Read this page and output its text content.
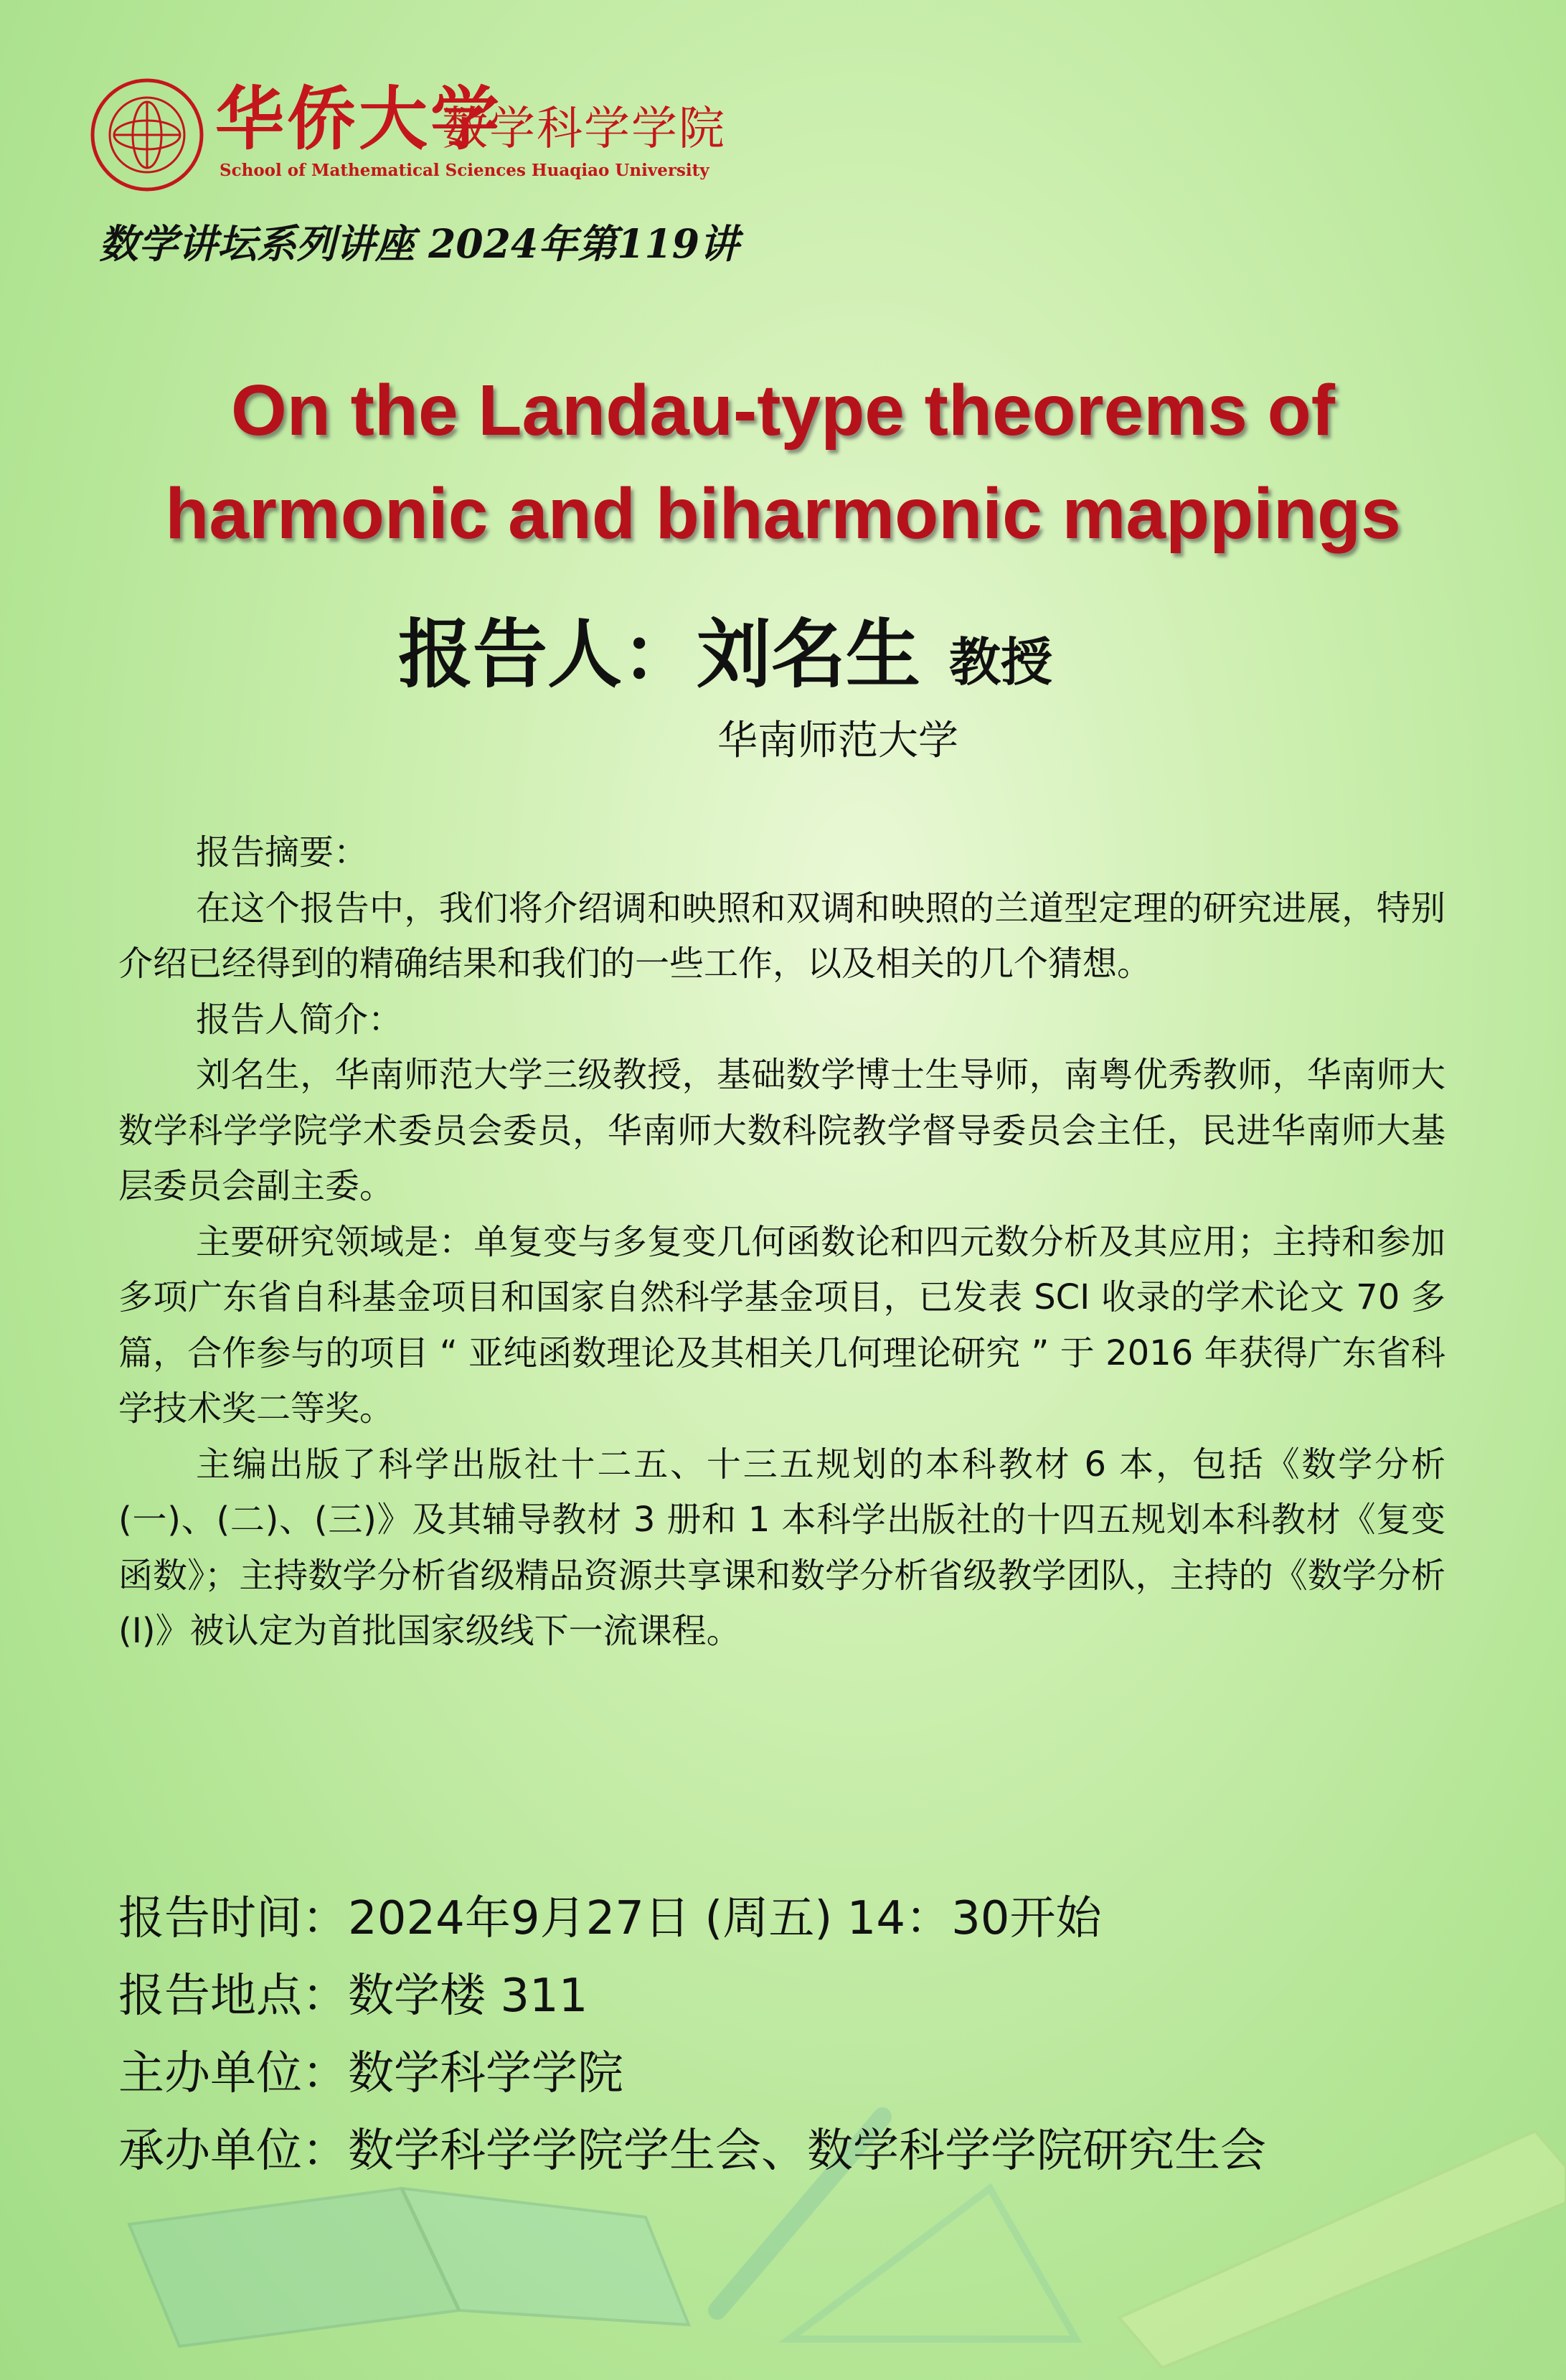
华侨大学
数学科学学院
School of Mathematical Sciences Huaqiao University
数学讲坛系列讲座 2024年第119讲
On the Landau-type theorems of
harmonic and biharmonic mappings
报告人：刘名生 教授
华南师范大学

报告摘要：

在这个报告中，我们将介绍调和映照和双调和映照的兰道型定理的研究进展，特别介绍已经得到的精确结果和我们的一些工作，以及相关的几个猜想。

报告人简介：

刘名生，华南师范大学三级教授，基础数学博士生导师，南粤优秀教师，华南师大数学科学学院学术委员会委员，华南师大数科院教学督导委员会主任，民进华南师大基层委员会副主委。

主要研究领域是：单复变与多复变几何函数论和四元数分析及其应用；主持和参加多项广东省自科基金项目和国家自然科学基金项目，已发表 SCI 收录的学术论文 70 多篇，合作参与的项目 “ 亚纯函数理论及其相关几何理论研究 ” 于 2016 年获得广东省科学技术奖二等奖。

主编出版了科学出版社十二五、十三五规划的本科教材 6 本，包括《数学分析(一)、(二)、(三)》及其辅导教材 3 册和 1 本科学出版社的十四五规划本科教材《复变函数》；主持数学分析省级精品资源共享课和数学分析省级教学团队，主持的《数学分析 (I)》被认定为首批国家级线下一流课程。

报告时间：2024年9月27日 (周五) 14：30开始
报告地点：数学楼 311
主办单位：数学科学学院
承办单位：数学科学学院学生会、数学科学学院研究生会
